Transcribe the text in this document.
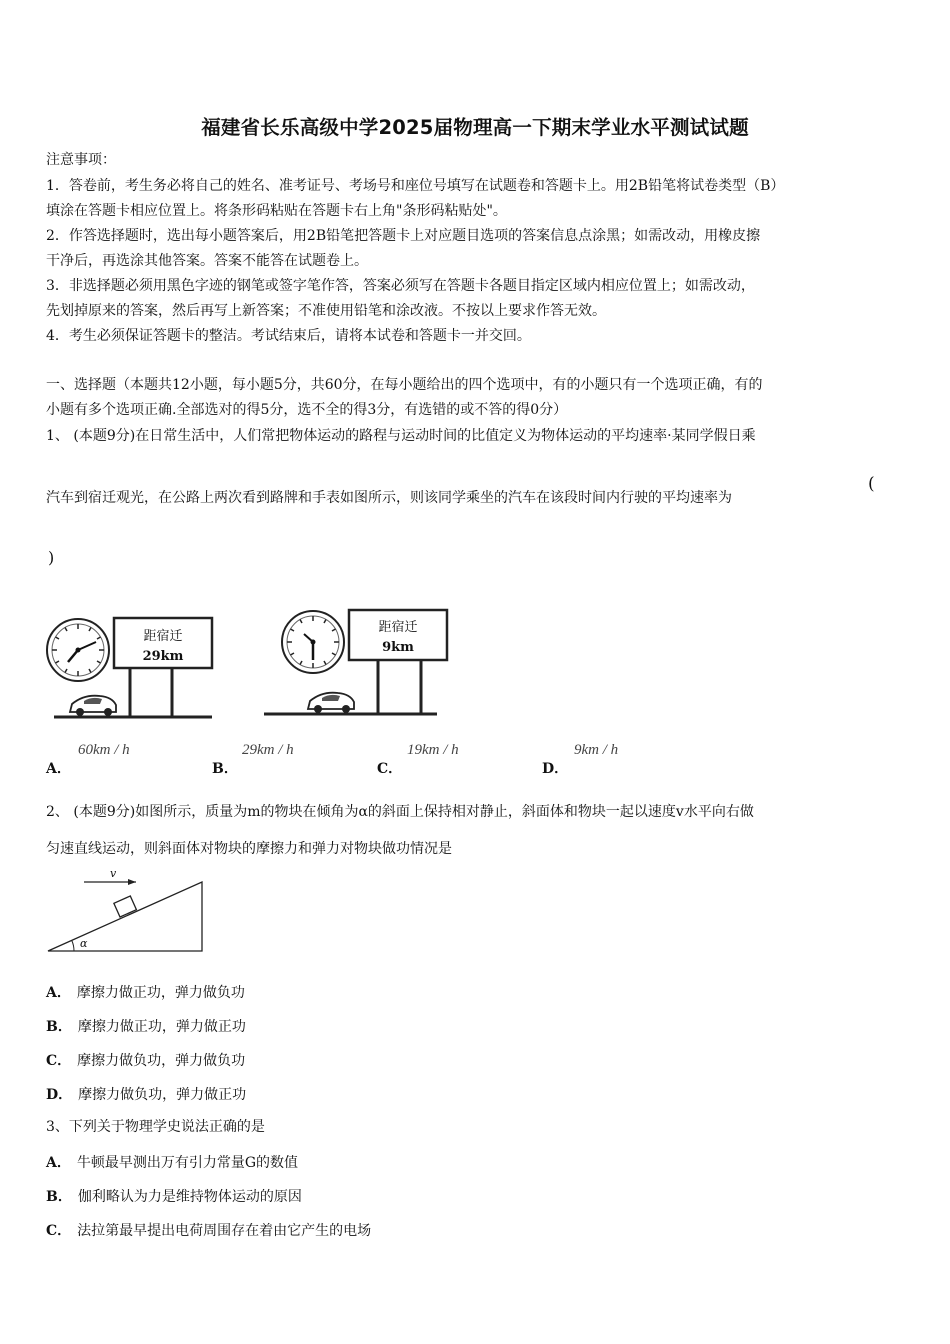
福建省长乐高级中学2025届物理高一下期末学业水平测试试题
注意事项：
1．答卷前，考生务必将自己的姓名、准考证号、考场号和座位号填写在试题卷和答题卡上。用2B铅笔将试卷类型（B）
填涂在答题卡相应位置上。将条形码粘贴在答题卡右上角"条形码粘贴处"。
2．作答选择题时，选出每小题答案后，用2B铅笔把答题卡上对应题目选项的答案信息点涂黑；如需改动，用橡皮擦
干净后，再选涂其他答案。答案不能答在试题卷上。
3．非选择题必须用黑色字迹的钢笔或签字笔作答，答案必须写在答题卡各题目指定区域内相应位置上；如需改动，
先划掉原来的答案，然后再写上新答案；不准使用铅笔和涂改液。不按以上要求作答无效。
4．考生必须保证答题卡的整洁。考试结束后，请将本试卷和答题卡一并交回。
一、选择题（本题共12小题，每小题5分，共60分，在每小题给出的四个选项中，有的小题只有一个选项正确，有的
小题有多个选项正确.全部选对的得5分，选不全的得3分，有选错的或不答的得0分）
1、 (本题9分)在日常生活中，人们常把物体运动的路程与运动时间的比值定义为物体运动的平均速率·某同学假日乘
汽车到宿迁观光，在公路上两次看到路牌和手表如图所示，则该同学乘坐的汽车在该段时间内行驶的平均速率为
(
)
距宿迁
29km
距宿迁
9km
A．
60km / h
B．
29km / h
C．
19km / h
D．
9km / h
2、 (本题9分)如图所示，质量为m的物块在倾角为α的斜面上保持相对静止，斜面体和物块一起以速度v水平向右做
匀速直线运动，则斜面体对物块的摩擦力和弹力对物块做功情况是
v
α
A． 摩擦力做正功，弹力做负功
B． 摩擦力做正功，弹力做正功
C． 摩擦力做负功，弹力做负功
D． 摩擦力做负功，弹力做正功
3、下列关于物理学史说法正确的是
A． 牛顿最早测出万有引力常量G的数值
B． 伽利略认为力是维持物体运动的原因
C． 法拉第最早提出电荷周围存在着由它产生的电场
